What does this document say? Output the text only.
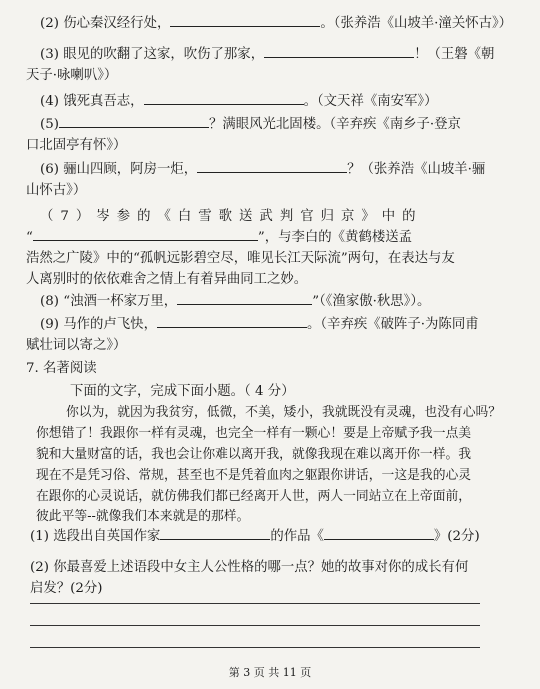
(2) 伤心秦汉经行处，	。（张养浩《山坡羊·潼关怀古》）
(3) 眼见的吹翻了这家，吹伤了那家，	！（王磐《朝
天子·咏喇叭》）
(4) 饿死真吾志，	。（文天祥《南安军》）
(5)	？满眼风光北固楼。（辛弃疾《南乡子·登京
口北固亭有怀》）
(6) 骊山四顾，阿房一炬，	？（张养浩《山坡羊·骊
山怀古》）
（7）岑参的《白雪歌送武判官归京》中的
“	”，与李白的《黄鹤楼送孟
浩然之广陵》中的“孤帆远影碧空尽，唯见长江天际流”两句，在表达与友
人离别时的依依难舍之情上有着异曲同工之妙。
(8) “浊酒一杯家万里，	”（《渔家傲·秋思》）。
(9) 马作的卢飞快，	。（辛弃疾《破阵子·为陈同甫
赋壮词以寄之》）
7. 名著阅读
下面的文字，完成下面小题。（ 4 分）
你以为，就因为我贫穷，低微，不美，矮小，我就既没有灵魂，也没有心吗？
你想错了！我跟你一样有灵魂，也完全一样有一颗心！要是上帝赋予我一点美
貌和大量财富的话，我也会让你难以离开我，就像我现在难以离开你一样。我
现在不是凭习俗、常规，甚至也不是凭着血肉之躯跟你讲话，一这是我的心灵
在跟你的心灵说话，就仿佛我们都已经离开人世，两人一同站立在上帝面前，
彼此平等--就像我们本来就是的那样。
(1) 选段出自英国作家	的作品《	》(2分)
(2) 你最喜爱上述语段中女主人公性格的哪一点？她的故事对你的成长有何
启发？(2分)
第 3 页 共 11 页
